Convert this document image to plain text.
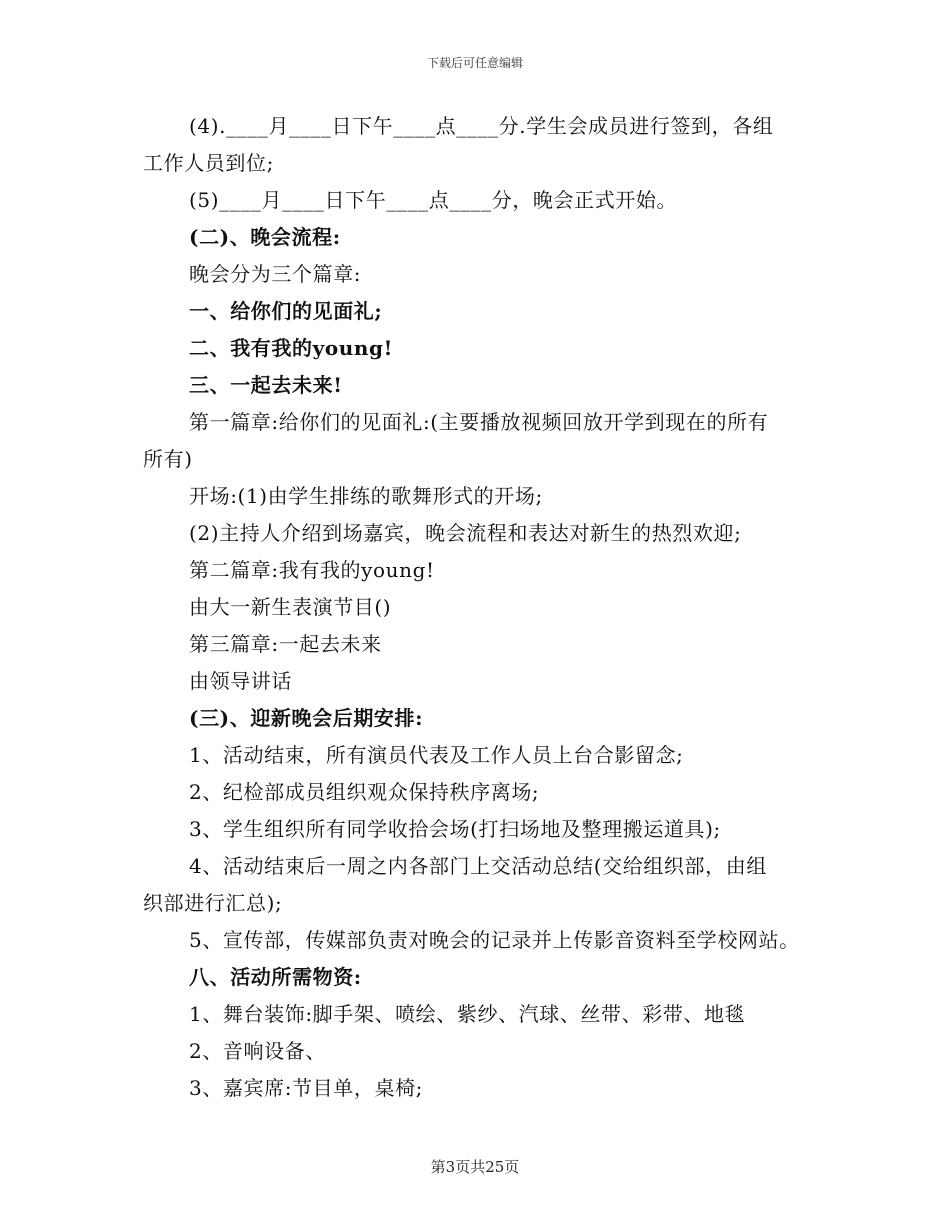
下载后可任意编辑
(4).____月____日下午____点____分.学生会成员进行签到，各组
工作人员到位;
(5)____月____日下午____点____分，晚会正式开始。
(二)、晚会流程:
晚会分为三个篇章:
一、给你们的见面礼;
二、我有我的young!
三、一起去未来!
第一篇章:给你们的见面礼:(主要播放视频回放开学到现在的所有
所有)
开场:(1)由学生排练的歌舞形式的开场;
(2)主持人介绍到场嘉宾，晚会流程和表达对新生的热烈欢迎;
第二篇章:我有我的young!
由大一新生表演节目()
第三篇章:一起去未来
由领导讲话
(三)、迎新晚会后期安排:
1、活动结束，所有演员代表及工作人员上台合影留念;
2、纪检部成员组织观众保持秩序离场;
3、学生组织所有同学收拾会场(打扫场地及整理搬运道具);
4、活动结束后一周之内各部门上交活动总结(交给组织部，由组
织部进行汇总);
5、宣传部，传媒部负责对晚会的记录并上传影音资料至学校网站。
八、活动所需物资:
1、舞台装饰:脚手架、喷绘、紫纱、汽球、丝带、彩带、地毯
2、音响设备、
3、嘉宾席:节目单，桌椅;
第3页共25页
